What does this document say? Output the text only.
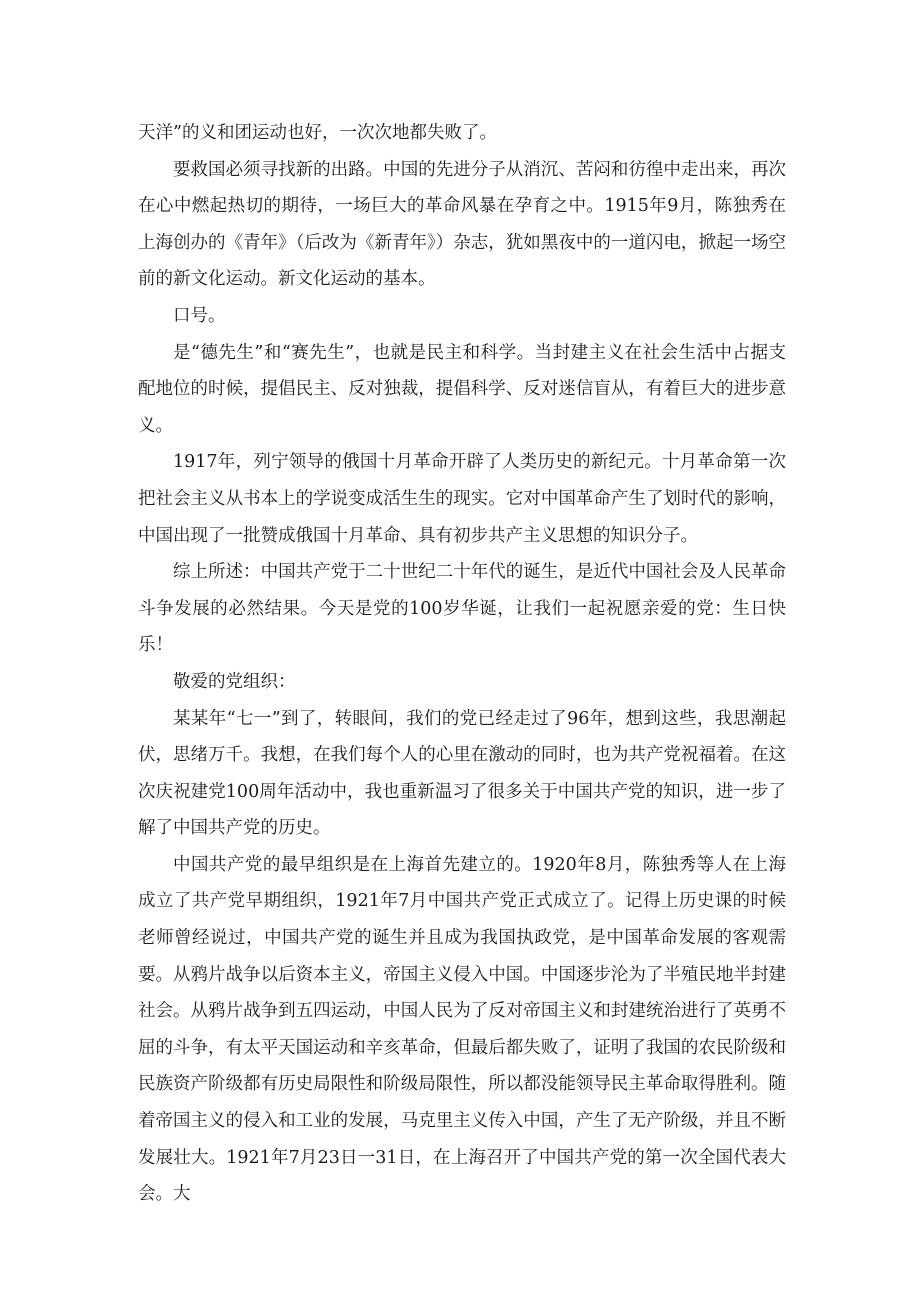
天洋”的义和团运动也好，一次次地都失败了。

要救国必须寻找新的出路。中国的先进分子从消沉、苦闷和彷徨中走出来，再次在心中燃起热切的期待，一场巨大的革命风暴在孕育之中。1915年9月，陈独秀在上海创办的《青年》（后改为《新青年》）杂志，犹如黑夜中的一道闪电，掀起一场空前的新文化运动。新文化运动的基本。

口号。

是“德先生”和“赛先生”，也就是民主和科学。当封建主义在社会生活中占据支配地位的时候，提倡民主、反对独裁，提倡科学、反对迷信盲从，有着巨大的进步意义。

1917年，列宁领导的俄国十月革命开辟了人类历史的新纪元。十月革命第一次把社会主义从书本上的学说变成活生生的现实。它对中国革命产生了划时代的影响，中国出现了一批赞成俄国十月革命、具有初步共产主义思想的知识分子。

综上所述：中国共产党于二十世纪二十年代的诞生，是近代中国社会及人民革命斗争发展的必然结果。今天是党的100岁华诞，让我们一起祝愿亲爱的党：生日快乐！

敬爱的党组织：

某某年“七一”到了，转眼间，我们的党已经走过了96年，想到这些，我思潮起伏，思绪万千。我想，在我们每个人的心里在激动的同时，也为共产党祝福着。在这次庆祝建党100周年活动中，我也重新温习了很多关于中国共产党的知识，进一步了解了中国共产党的历史。

中国共产党的最早组织是在上海首先建立的。1920年8月，陈独秀等人在上海成立了共产党早期组织，1921年7月中国共产党正式成立了。记得上历史课的时候老师曾经说过，中国共产党的诞生并且成为我国执政党，是中国革命发展的客观需要。从鸦片战争以后资本主义，帝国主义侵入中国。中国逐步沦为了半殖民地半封建社会。从鸦片战争到五四运动，中国人民为了反对帝国主义和封建统治进行了英勇不屈的斗争，有太平天国运动和辛亥革命，但最后都失败了，证明了我国的农民阶级和民族资产阶级都有历史局限性和阶级局限性，所以都没能领导民主革命取得胜利。随着帝国主义的侵入和工业的发展，马克里主义传入中国，产生了无产阶级，并且不断发展壮大。1921年7月23日一31日，在上海召开了中国共产党的第一次全国代表大会。大
